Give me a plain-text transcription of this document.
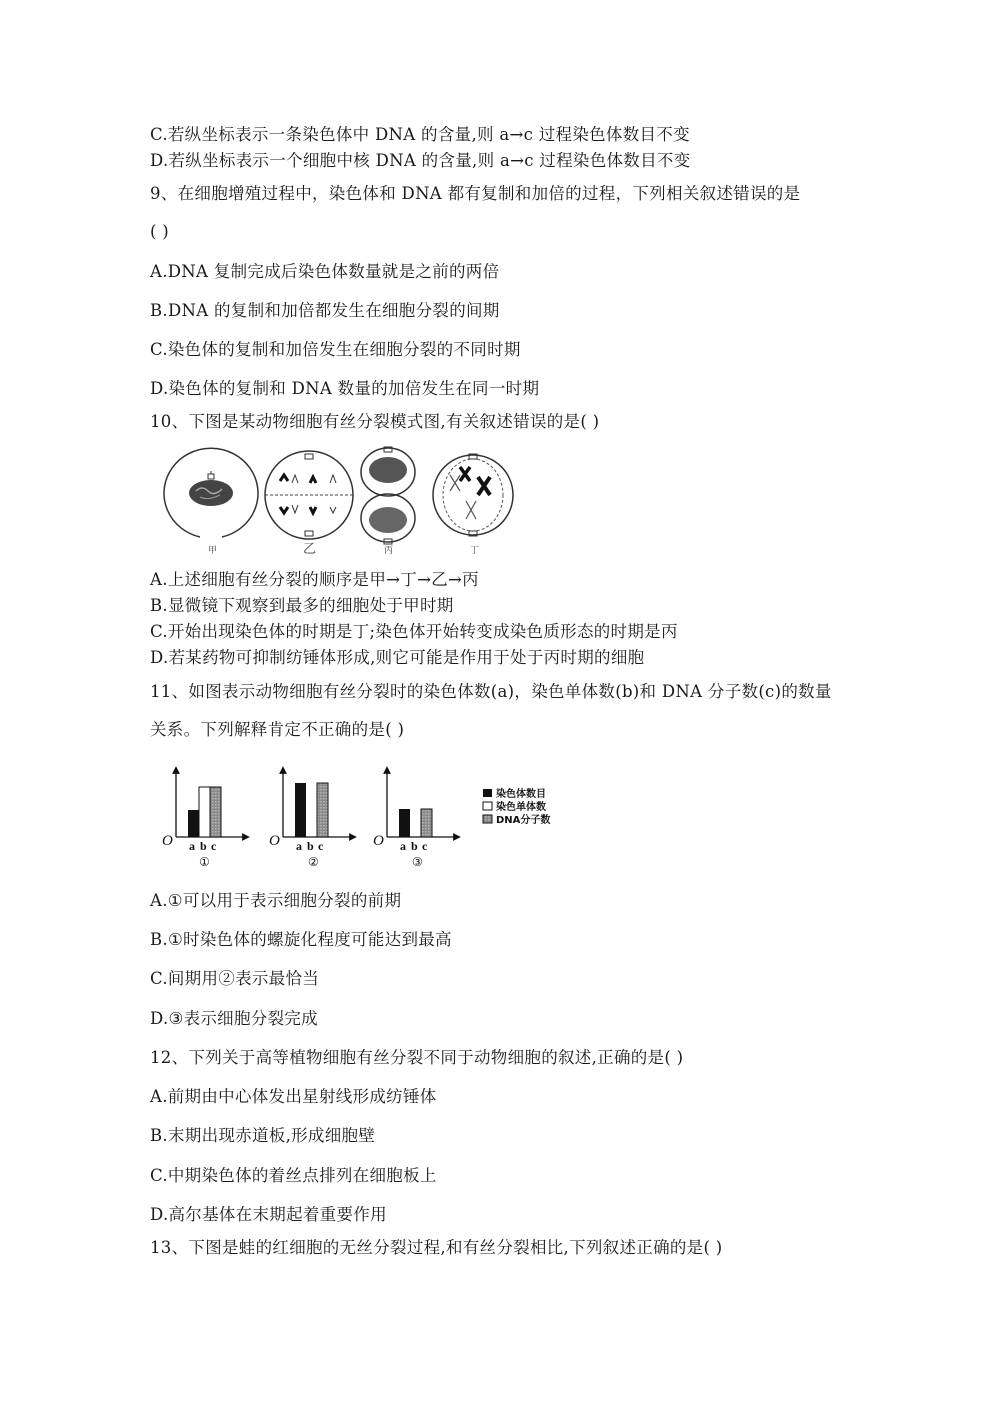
C.若纵坐标表示一条染色体中 DNA 的含量,则 a→c 过程染色体数目不变
D.若纵坐标表示一个细胞中核 DNA 的含量,则 a→c 过程染色体数目不变
9、在细胞增殖过程中，染色体和 DNA 都有复制和加倍的过程，下列相关叙述错误的是
( )
A.DNA 复制完成后染色体数量就是之前的两倍
B.DNA 的复制和加倍都发生在细胞分裂的间期
C.染色体的复制和加倍发生在细胞分裂的不同时期
D.染色体的复制和 DNA 数量的加倍发生在同一时期
10、下图是某动物细胞有丝分裂模式图,有关叙述错误的是( )
甲	乙	丙	丁
A.上述细胞有丝分裂的顺序是甲→丁→乙→丙
B.显微镜下观察到最多的细胞处于甲时期
C.开始出现染色体的时期是丁;染色体开始转变成染色质形态的时期是丙
D.若某药物可抑制纺锤体形成,则它可能是作用于处于丙时期的细胞
11、如图表示动物细胞有丝分裂时的染色体数(a)，染色单体数(b)和 DNA 分子数(c)的数量
关系。下列解释肯定不正确的是( )
O a b c
①
O a b c
②
O a b c
③
染色体数目
染色单体数
DNA分子数
A.①可以用于表示细胞分裂的前期
B.①时染色体的螺旋化程度可能达到最高
C.间期用②表示最恰当
D.③表示细胞分裂完成
12、下列关于高等植物细胞有丝分裂不同于动物细胞的叙述,正确的是( )
A.前期由中心体发出星射线形成纺锤体
B.末期出现赤道板,形成细胞壁
C.中期染色体的着丝点排列在细胞板上
D.高尔基体在末期起着重要作用
13、下图是蛙的红细胞的无丝分裂过程,和有丝分裂相比,下列叙述正确的是( )
